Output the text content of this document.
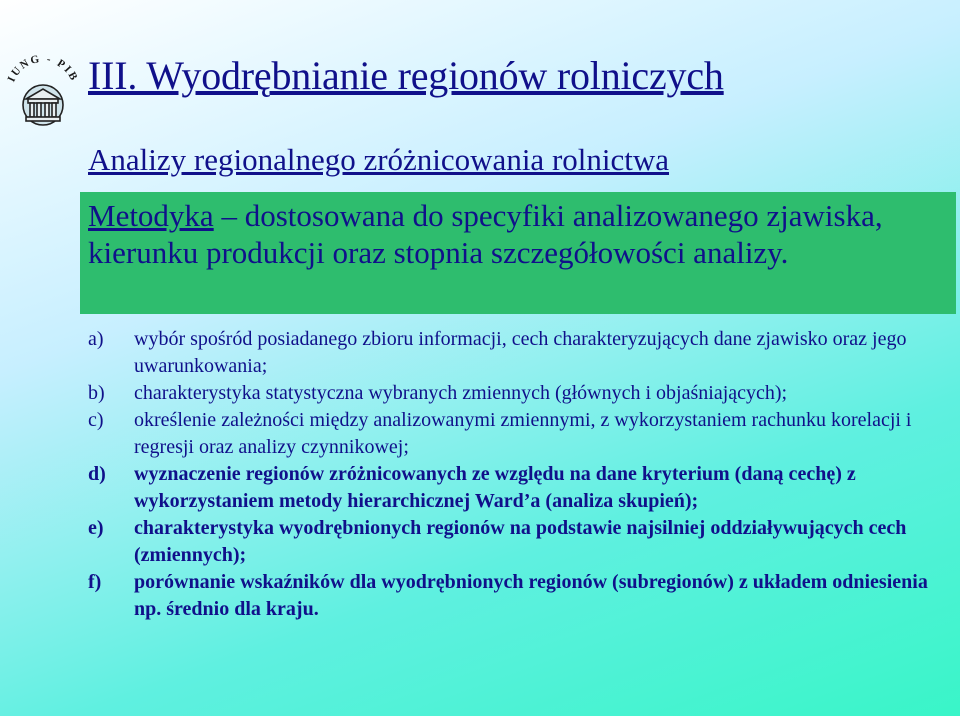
IUNG - PIB III. Wyodrębnianie regionów rolniczych
Analizy regionalnego zróżnicowania rolnictwa
Metodyka – dostosowana do specyfiki analizowanego zjawiska, kierunku produkcji oraz stopnia szczegółowości analizy.
a)	wybór spośród posiadanego zbioru informacji, cech charakteryzujących dane zjawisko oraz jego uwarunkowania;
b)	charakterystyka statystyczna wybranych zmiennych (głównych i objaśniających);
c)	określenie zależności między analizowanymi zmiennymi, z wykorzystaniem rachunku korelacji i regresji oraz analizy czynnikowej;
d)	wyznaczenie regionów zróżnicowanych ze względu na dane kryterium (daną cechę) z wykorzystaniem metody hierarchicznej Ward’a (analiza skupień);
e)	charakterystyka wyodrębnionych regionów na podstawie najsilniej oddziaływujących cech (zmiennych);
f)	porównanie wskaźników dla wyodrębnionych regionów (subregionów) z układem odniesienia np. średnio dla kraju.
